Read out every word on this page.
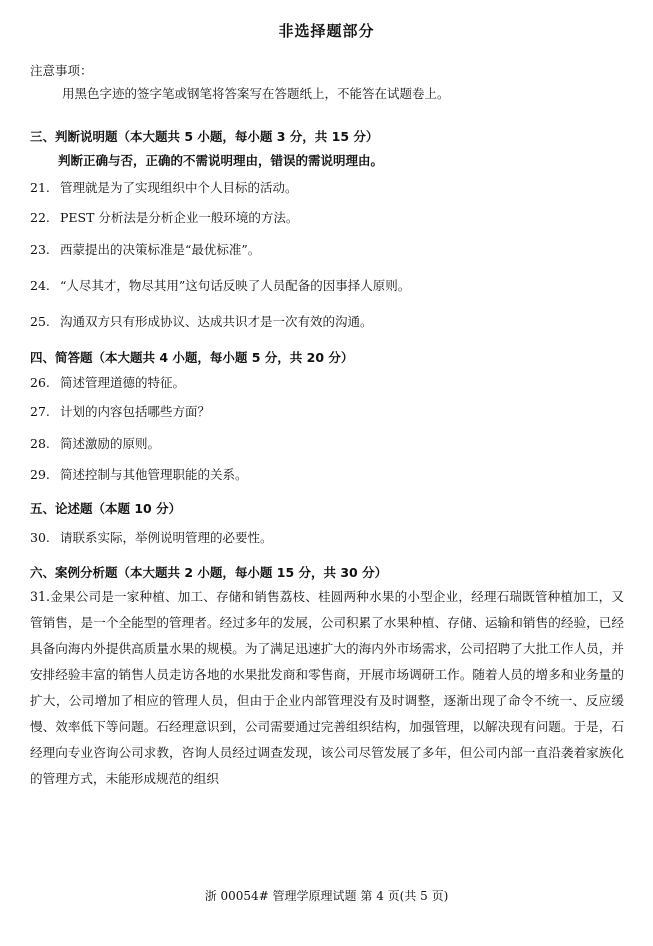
非选择题部分
注意事项：
用黑色字迹的签字笔或钢笔将答案写在答题纸上，不能答在试题卷上。
三、判断说明题（本大题共 5 小题，每小题 3 分，共 15 分）
判断正确与否，正确的不需说明理由，错误的需说明理由。
21. 管理就是为了实现组织中个人目标的活动。
22. PEST 分析法是分析企业一般环境的方法。
23. 西蒙提出的决策标准是“最优标准”。
24. “人尽其才，物尽其用”这句话反映了人员配备的因事择人原则。
25. 沟通双方只有形成协议、达成共识才是一次有效的沟通。
四、简答题（本大题共 4 小题，每小题 5 分，共 20 分）
26. 简述管理道德的特征。
27. 计划的内容包括哪些方面？
28. 简述激励的原则。
29. 简述控制与其他管理职能的关系。
五、论述题（本题 10 分）
30. 请联系实际，举例说明管理的必要性。
六、案例分析题（本大题共 2 小题，每小题 15 分，共 30 分）
31.金果公司是一家种植、加工、存储和销售荔枝、桂圆两种水果的小型企业，经理石瑞既管种植加工，又管销售，是一个全能型的管理者。经过多年的发展，公司积累了水果种植、存储、运输和销售的经验，已经具备向海内外提供高质量水果的规模。为了满足迅速扩大的海内外市场需求，公司招聘了大批工作人员，并安排经验丰富的销售人员走访各地的水果批发商和零售商，开展市场调研工作。随着人员的增多和业务量的扩大，公司增加了相应的管理人员，但由于企业内部管理没有及时调整，逐渐出现了命令不统一、反应缓慢、效率低下等问题。石经理意识到，公司需要通过完善组织结构，加强管理，以解决现有问题。于是，石经理向专业咨询公司求教，咨询人员经过调查发现，该公司尽管发展了多年，但公司内部一直沿袭着家族化的管理方式，未能形成规范的组织
浙 00054# 管理学原理试题 第 4 页(共 5 页)
